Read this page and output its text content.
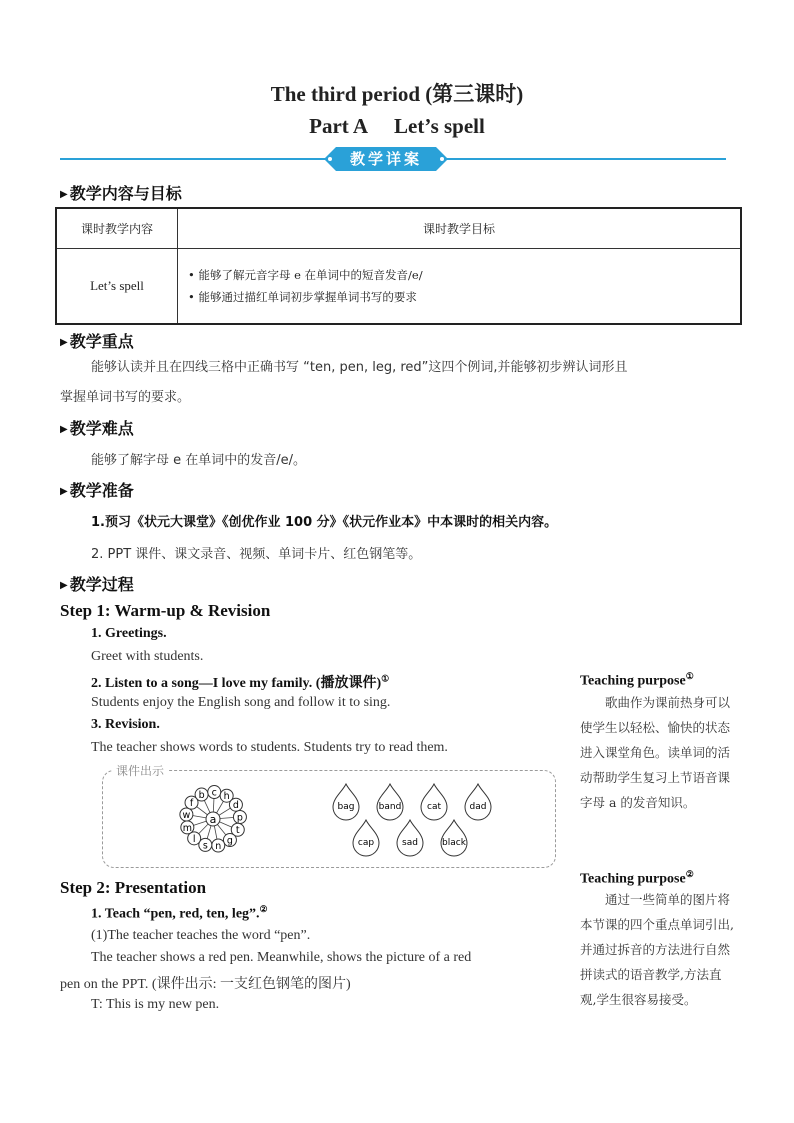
The third period (第三课时)
Part A Let’s spell
教学详案
▶ 教学内容与目标
课时教学内容	课时教学目标
Let’s spell	• 能够了解元音字母 e 在单词中的短音发音/e/
• 能够通过描红单词初步掌握单词书写的要求
▶ 教学重点
能够认读并且在四线三格中正确书写 “ten, pen, leg, red”这四个例词,并能够初步辨认词形且
掌握单词书写的要求。
▶ 教学难点
能够了解字母 e 在单词中的发音/e/。
▶ 教学准备
1.预习《状元大课堂》《创优作业 100 分》《状元作业本》中本课时的相关内容。
2. PPT 课件、课文录音、视频、单词卡片、红色钢笔等。
▶ 教学过程
Step 1: Warm-up & Revision
1. Greetings.
Greet with students.
2. Listen to a song—I love my family. (播放课件)①
Students enjoy the English song and follow it to sing.
3. Revision.
The teacher shows words to students. Students try to read them.
课件出示
b c h
d
p
t
g
n
s
l
m
w
f
a
bag	band	cat	dad
cap	sad	black
Step 2: Presentation
1. Teach “pen, red, ten, leg”.②
(1)The teacher teaches the word “pen”.
The teacher shows a red pen. Meanwhile, shows the picture of a red
pen on the PPT. (课件出示: 一支红色钢笔的图片)
T: This is my new pen.
Teaching purpose①
歌曲作为课前热身可以
使学生以轻松、愉快的状态
进入课堂角色。读单词的活
动帮助学生复习上节语音课
字母 a 的发音知识。
Teaching purpose②
通过一些简单的图片将
本节课的四个重点单词引出,
并通过拆音的方法进行自然
拼读式的语音教学,方法直
观,学生很容易接受。
